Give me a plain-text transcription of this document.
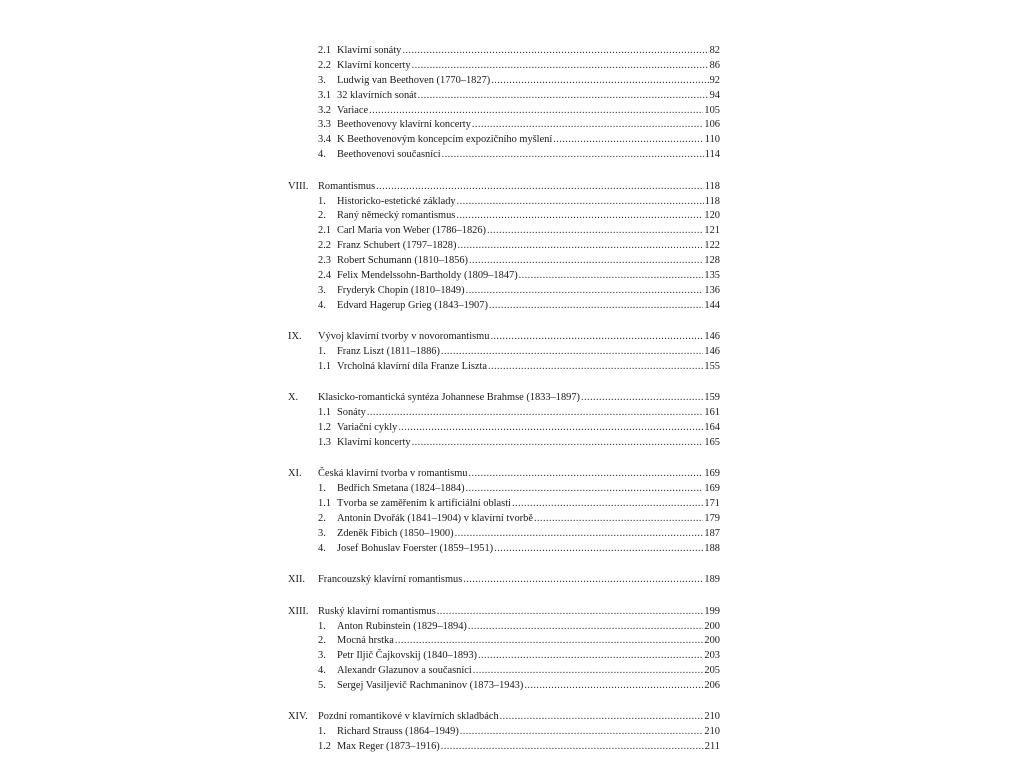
2.1 Klavírní sonáty .....	82
2.2 Klavírní koncerty .....	86
3.	Ludwig van Beethoven (1770–1827) .....	92
3.1 32 klavírních sonát .....	94
3.2 Variace .....	105
3.3 Beethovenovy klavírní koncerty .....	106
3.4 K Beethovenovým koncepcím expozičního myšlení .....	110
4.	Beethovenovi současníci .....	114
VIII. Romantismus .....	118
1.	Historicko-estetické základy .....	118
2.	Raný německý romantismus .....	120
2.1 Carl Maria von Weber (1786–1826) .....	121
2.2 Franz Schubert (1797–1828) .....	122
2.3 Robert Schumann (1810–1856) .....	128
2.4 Felix Mendelssohn-Bartholdy (1809–1847) .....	135
3.	Fryderyk Chopin (1810–1849) .....	136
4.	Edvard Hagerup Grieg (1843–1907) .....	144
IX.	Vývoj klavírní tvorby v novoromantismu .....	146
1.	Franz Liszt (1811–1886) .....	146
1.1 Vrcholná klavírní díla Franze Liszta .....	155
X.	Klasicko-romantická syntéza Johannese Brahmse (1833–1897) .....	159
1.1 Sonáty .....	161
1.2 Variační cykly .....	164
1.3 Klavírní koncerty .....	165
XI.	Česká klavírní tvorba v romantismu .....	169
1.	Bedřich Smetana (1824–1884) .....	169
1.1 Tvorba se zaměřením k artificiální oblasti .....	171
2.	Antonín Dvořák (1841–1904) v klavírní tvorbě .....	179
3.	Zdeněk Fibich (1850–1900) .....	187
4.	Josef Bohuslav Foerster (1859–1951) .....	188
XII.	Francouzský klavírní romantismus .....	189
XIII. Ruský klavírní romantismus .....	199
1.	Anton Rubinstein (1829–1894) .....	200
2.	Mocná hrstka .....	200
3.	Petr Iljič Čajkovskij (1840–1893) .....	203
4.	Alexandr Glazunov a současníci .....	205
5.	Sergej Vasiljevič Rachmaninov (1873–1943) .....	206
XIV. Pozdní romantikové v klavírních skladbách .....	210
1.	Richard Strauss (1864–1949) .....	210
1.2 Max Reger (1873–1916) .....	211
